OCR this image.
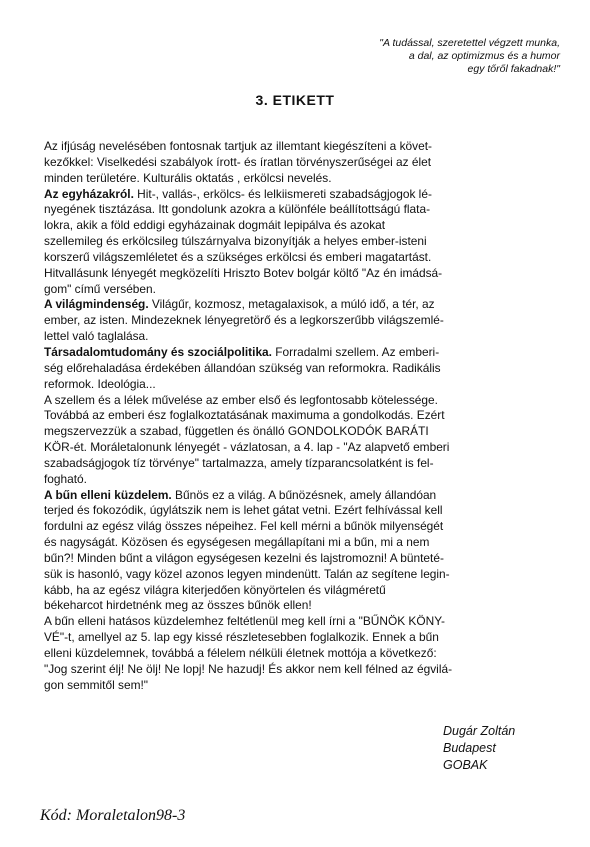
"A tudással, szeretettel végzett munka,
a dal, az optimizmus és a humor
egy tőről fakadnak!"
3. ETIKETT
Az ifjúság nevelésében fontosnak tartjuk az illemtant kiegészíteni a követ-
kezőkkel: Viselkedési szabályok írott- és íratlan törvényszerűségei az élet
minden területére. Kulturális oktatás , erkölcsi nevelés.
Az egyházakról. Hit-, vallás-, erkölcs- és lelkiismereti szabadságjogok lé-
nyegének tisztázása. Itt gondolunk azokra a különféle beállítottságú flata-
lokra, akik a föld eddigi egyházainak dogmáit lepipálva és azokat
szellemileg és erkölcsileg túlszárnyalva bizonyítják a helyes ember-isteni
korszerű világszemléletet és a szükséges erkölcsi és emberi magatartást.
Hitvallásunk lényegét megközelíti Hriszto Botev bolgár költő "Az én imádsá-
gom" című versében.
A világmindenség. Világűr, kozmosz, metagalaxisok, a múló idő, a tér, az
ember, az isten. Mindezeknek lényegretörő és a legkorszerűbb világszemlé-
lettel való taglalása.
Társadalomtudomány és szociálpolitika. Forradalmi szellem. Az emberi-
ség előrehaladása érdekében állandóan szükség van reformokra. Radikális
reformok. Ideológia...
A szellem és a lélek művelése az ember első és legfontosabb kötelessége.
Továbbá az emberi ész foglalkoztatásának maximuma a gondolkodás. Ezért
megszervezzük a szabad, független és önálló GONDOLKODÓK BARÁTI
KÖR-ét. Moráletalonunk lényegét - vázlatosan, a 4. lap - "Az alapvető emberi
szabadságjogok tíz törvénye" tartalmazza, amely tízparancsolatként is fel-
fogható.
A bűn elleni küzdelem. Bűnös ez a világ. A bűnözésnek, amely állandóan
terjed és fokozódik, úgylátszik nem is lehet gátat vetni. Ezért felhívással kell
fordulni az egész világ összes népeihez. Fel kell mérni a bűnök milyenségét
és nagyságát. Közösen és egységesen megállapítani mi a bűn, mi a nem
bűn?! Minden bűnt a világon egységesen kezelni és lajstromozni! A bünteté-
sük is hasonló, vagy közel azonos legyen mindenütt. Talán az segítene legin-
kább, ha az egész világra kiterjedően könyörtelen és világméretű
békeharcot hirdetnénk meg az összes bűnök ellen!
A bűn elleni hatásos küzdelemhez feltétlenül meg kell írni a "BŰNÖK KÖNY-
VÉ"-t, amellyel az 5. lap egy kissé részletesebben foglalkozik. Ennek a bűn
elleni küzdelemnek, továbbá a félelem nélküli életnek mottója a következő:
"Jog szerint élj! Ne ölj! Ne lopj! Ne hazudj! És akkor nem kell félned az égvilá-
gon semmitől sem!"
Dugár Zoltán
Budapest
GOBAK
Kód: Moraletalon98-3
